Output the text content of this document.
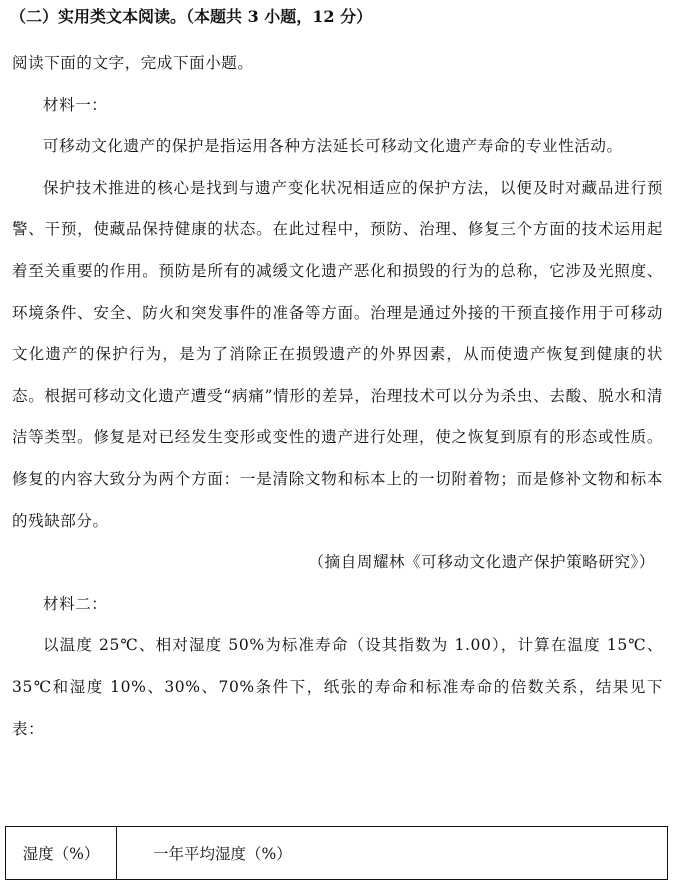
（二）实用类文本阅读。（本题共 3 小题，12 分）

阅读下面的文字，完成下面小题。

材料一：

可移动文化遗产的保护是指运用各种方法延长可移动文化遗产寿命的专业性活动。

保护技术推进的核心是找到与遗产变化状况相适应的保护方法，以便及时对藏品进行预警、干预，使藏品保持健康的状态。在此过程中，预防、治理、修复三个方面的技术运用起着至关重要的作用。预防是所有的减缓文化遗产恶化和损毁的行为的总称，它涉及光照度、环境条件、安全、防火和突发事件的准备等方面。治理是通过外接的干预直接作用于可移动文化遗产的保护行为，是为了消除正在损毁遗产的外界因素，从而使遗产恢复到健康的状态。根据可移动文化遗产遭受“病痛”情形的差异，治理技术可以分为杀虫、去酸、脱水和清洁等类型。修复是对已经发生变形或变性的遗产进行处理，使之恢复到原有的形态或性质。修复的内容大致分为两个方面：一是清除文物和标本上的一切附着物；而是修补文物和标本的残缺部分。

（摘自周耀林《可移动文化遗产保护策略研究》）

材料二：

以温度 25℃、相对湿度 50%为标准寿命（设其指数为 1.00），计算在温度 15℃、35℃和湿度 10%、30%、70%条件下，纸张的寿命和标准寿命的倍数关系，结果见下表：

湿度（%）	一年平均湿度（%）
